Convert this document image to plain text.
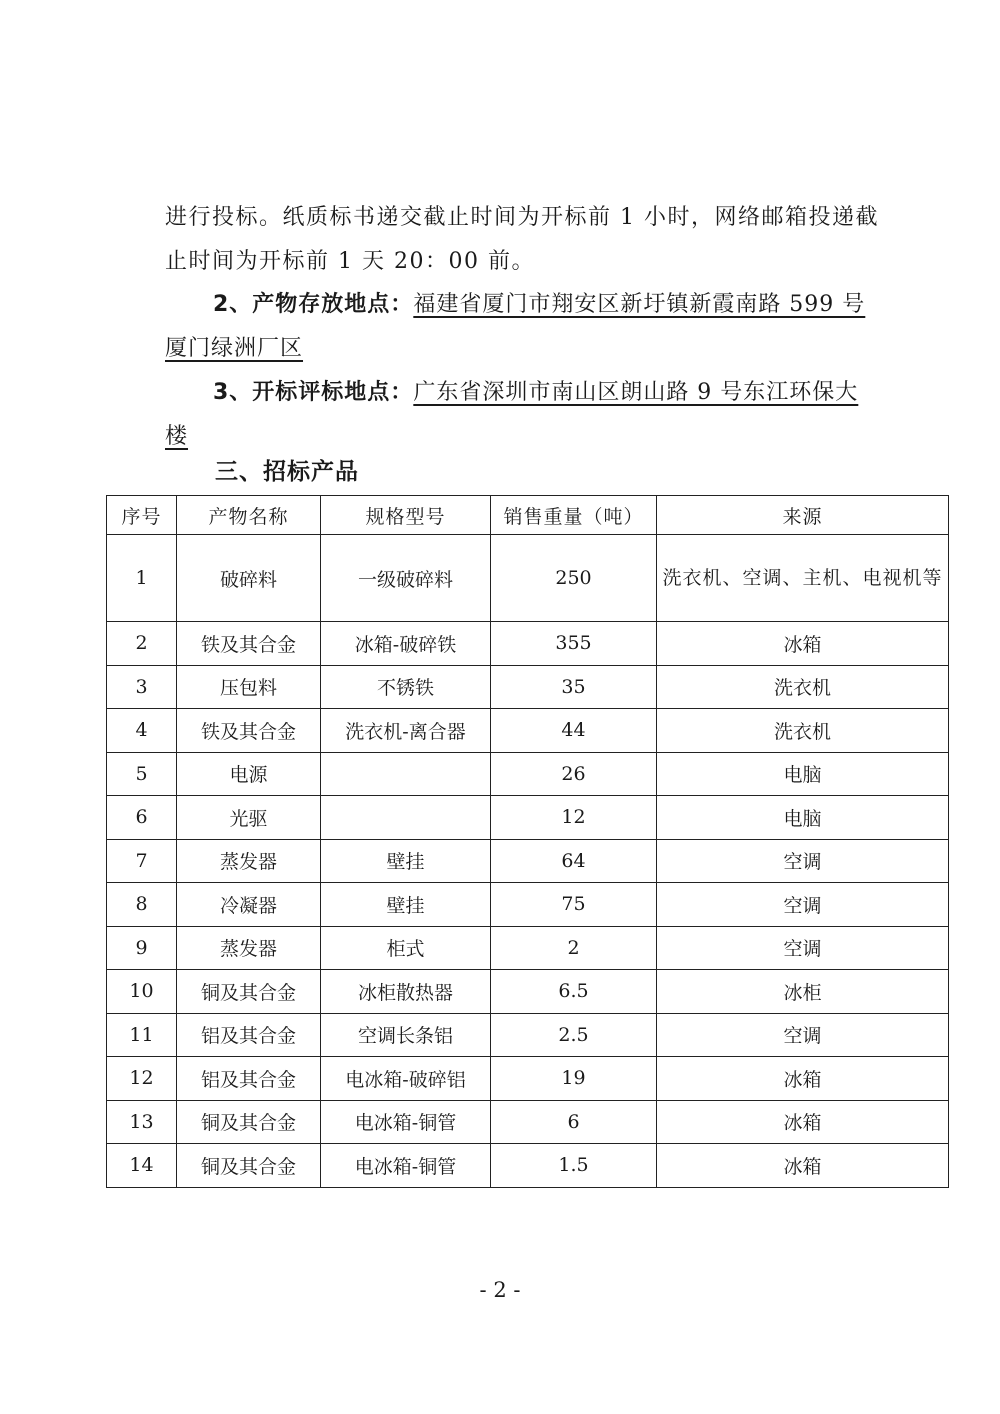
进行投标。纸质标书递交截止时间为开标前 1 小时，网络邮箱投递截止时间为开标前 1 天 20：00 前。

2、产物存放地点：福建省厦门市翔安区新圩镇新霞南路 599 号厦门绿洲厂区

3、开标评标地点：广东省深圳市南山区朗山路 9 号东江环保大楼

三、招标产品

序号	产物名称	规格型号	销售重量（吨）	来源
1	破碎料	一级破碎料	250	洗衣机、空调、主机、电视机等
2	铁及其合金	冰箱-破碎铁	355	冰箱
3	压包料	不锈铁	35	洗衣机
4	铁及其合金	洗衣机-离合器	44	洗衣机
5	电源		26	电脑
6	光驱		12	电脑
7	蒸发器	壁挂	64	空调
8	冷凝器	壁挂	75	空调
9	蒸发器	柜式	2	空调
10	铜及其合金	冰柜散热器	6.5	冰柜
11	铝及其合金	空调长条铝	2.5	空调
12	铝及其合金	电冰箱-破碎铝	19	冰箱
13	铜及其合金	电冰箱-铜管	6	冰箱
14	铜及其合金	电冰箱-铜管	1.5	冰箱

- 2 -
